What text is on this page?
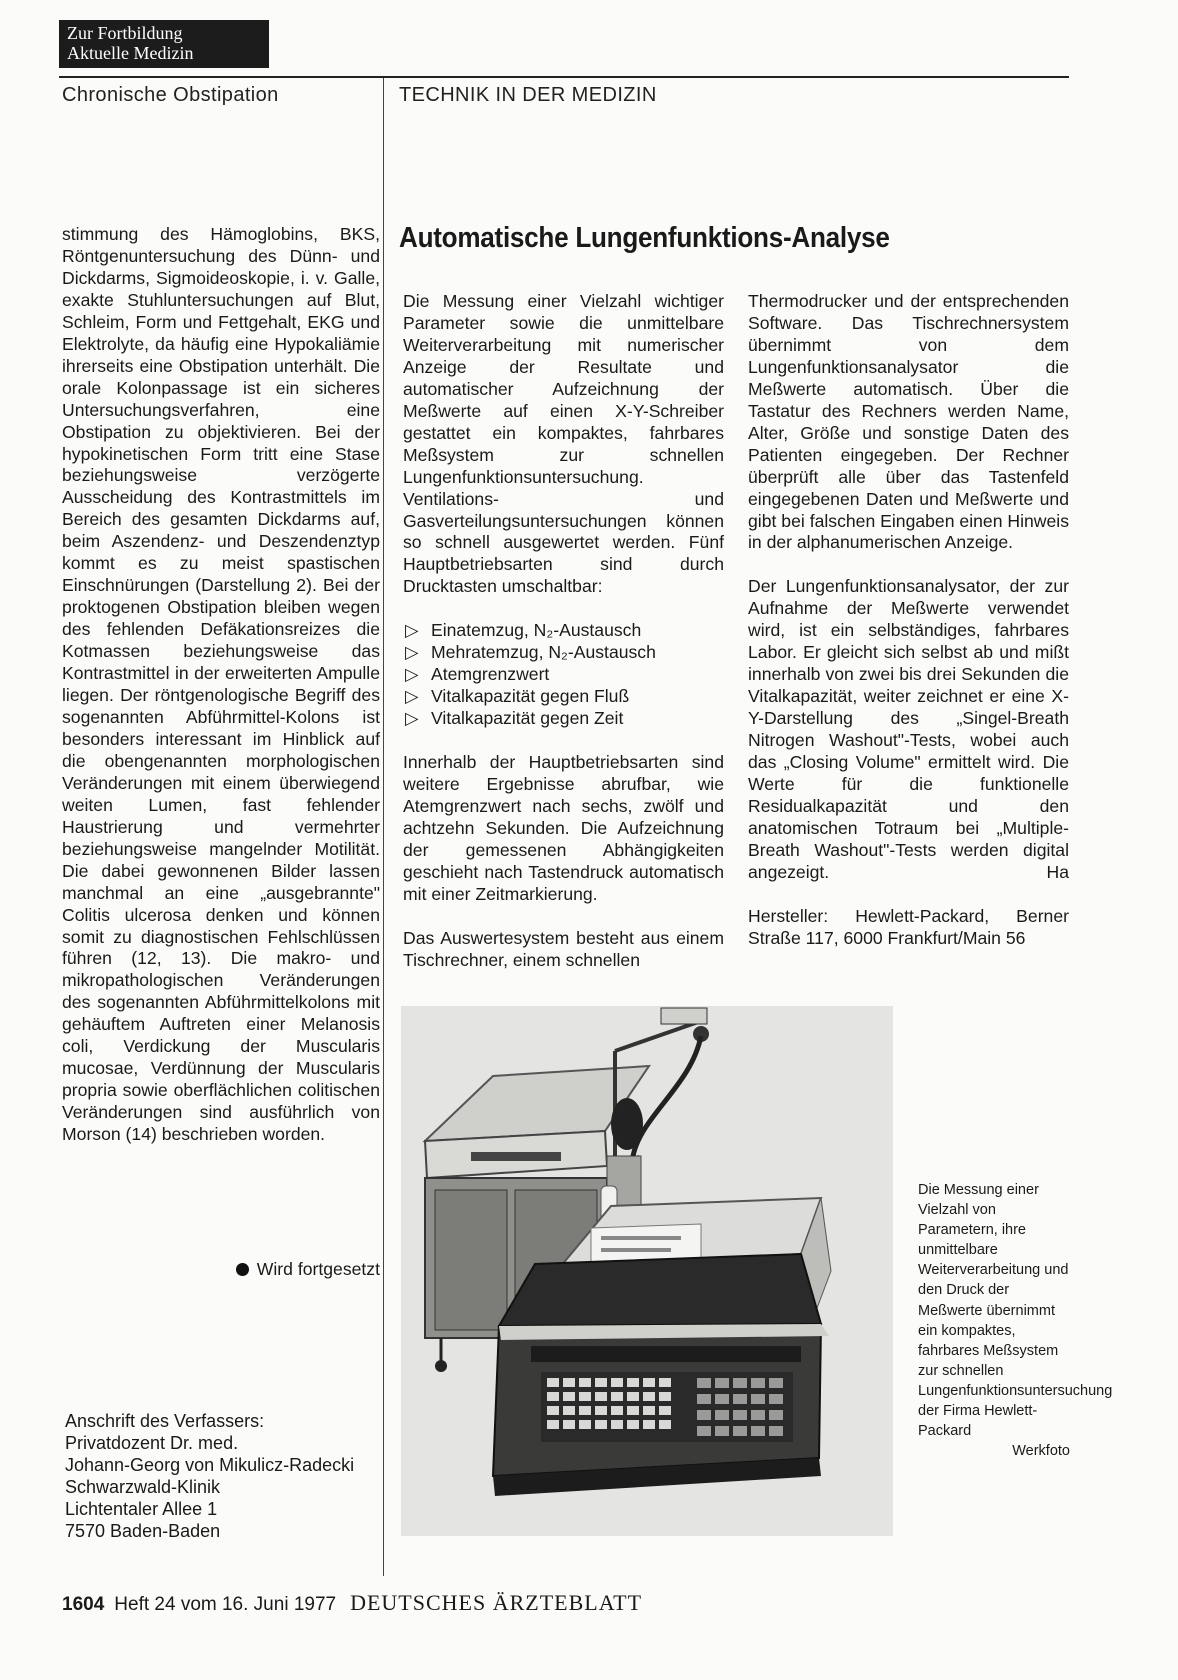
Zur Fortbildung
Aktuelle Medizin
Chronische Obstipation	TECHNIK IN DER MEDIZIN

stimmung des Hämoglobins, BKS, Röntgenuntersuchung des Dünn- und Dickdarms, Sigmoideoskopie, i. v. Galle, exakte Stuhluntersuchungen auf Blut, Schleim, Form und Fettgehalt, EKG und Elektrolyte, da häufig eine Hypokaliämie ihrerseits eine Obstipation unterhält. Die orale Kolonpassage ist ein sicheres Untersuchungsverfahren, eine Obstipation zu objektivieren. Bei der hypokinetischen Form tritt eine Stase beziehungsweise verzögerte Ausscheidung des Kontrastmittels im Bereich des gesamten Dickdarms auf, beim Aszendenz- und Deszendenztyp kommt es zu meist spastischen Einschnürungen (Darstellung 2). Bei der proktogenen Obstipation bleiben wegen des fehlenden Defäkationsreizes die Kotmassen beziehungsweise das Kontrastmittel in der erweiterten Ampulle liegen. Der röntgenologische Begriff des sogenannten Abführmittel-Kolons ist besonders interessant im Hinblick auf die obengenannten morphologischen Veränderungen mit einem überwiegend weiten Lumen, fast fehlender Haustrierung und vermehrter beziehungsweise mangelnder Motilität. Die dabei gewonnenen Bilder lassen manchmal an eine „ausgebrannte" Colitis ulcerosa denken und können somit zu diagnostischen Fehlschlüssen führen (12, 13). Die makro- und mikropathologischen Veränderungen des sogenannten Abführmittelkolons mit gehäuftem Auftreten einer Melanosis coli, Verdickung der Muscularis mucosae, Verdünnung der Muscularis propria sowie oberflächlichen colitischen Veränderungen sind ausführlich von Morson (14) beschrieben worden.

Wird fortgesetzt
Anschrift des Verfassers:
Privatdozent Dr. med.
Johann-Georg von Mikulicz-Radecki
Schwarzwald-Klinik
Lichtentaler Allee 1
7570 Baden-Baden
Automatische Lungenfunktions-Analyse

Die Messung einer Vielzahl wichtiger Parameter sowie die unmittelbare Weiterverarbeitung mit numerischer Anzeige der Resultate und automatischer Aufzeichnung der Meßwerte auf einen X-Y-Schreiber gestattet ein kompaktes, fahrbares Meßsystem zur schnellen Lungenfunktionsuntersuchung. Ventilations- und Gasverteilungsuntersuchungen können so schnell ausgewertet werden. Fünf Hauptbetriebsarten sind durch Drucktasten umschaltbar:

▷ Einatemzug, N₂-Austausch
▷ Mehratemzug, N₂-Austausch
▷ Atemgrenzwert
▷ Vitalkapazität gegen Fluß
▷ Vitalkapazität gegen Zeit

Innerhalb der Hauptbetriebsarten sind weitere Ergebnisse abrufbar, wie Atemgrenzwert nach sechs, zwölf und achtzehn Sekunden. Die Aufzeichnung der gemessenen Abhängigkeiten geschieht nach Tastendruck automatisch mit einer Zeitmarkierung.

Das Auswertesystem besteht aus einem Tischrechner, einem schnellen

Thermodrucker und der entsprechenden Software. Das Tischrechnersystem übernimmt von dem Lungenfunktionsanalysator die Meßwerte automatisch. Über die Tastatur des Rechners werden Name, Alter, Größe und sonstige Daten des Patienten eingegeben. Der Rechner überprüft alle über das Tastenfeld eingegebenen Daten und Meßwerte und gibt bei falschen Eingaben einen Hinweis in der alphanumerischen Anzeige.

Der Lungenfunktionsanalysator, der zur Aufnahme der Meßwerte verwendet wird, ist ein selbständiges, fahrbares Labor. Er gleicht sich selbst ab und mißt innerhalb von zwei bis drei Sekunden die Vitalkapazität, weiter zeichnet er eine X-Y-Darstellung des „Singel-Breath Nitrogen Washout"-Tests, wobei auch das „Closing Volume" ermittelt wird. Die Werte für die funktionelle Residualkapazität und den anatomischen Totraum bei „Multiple-Breath Washout"-Tests werden digital angezeigt.	Ha

Hersteller: Hewlett-Packard, Berner Straße 117, 6000 Frankfurt/Main 56

Die Messung einer Vielzahl von Parametern, ihre unmittelbare Weiterverarbeitung und den Druck der Meßwerte übernimmt ein kompaktes, fahrbares Meßsystem zur schnellen Lungenfunktionsuntersuchung der Firma Hewlett-Packard
Werkfoto
1604 Heft 24 vom 16. Juni 1977 DEUTSCHES ÄRZTEBLATT
